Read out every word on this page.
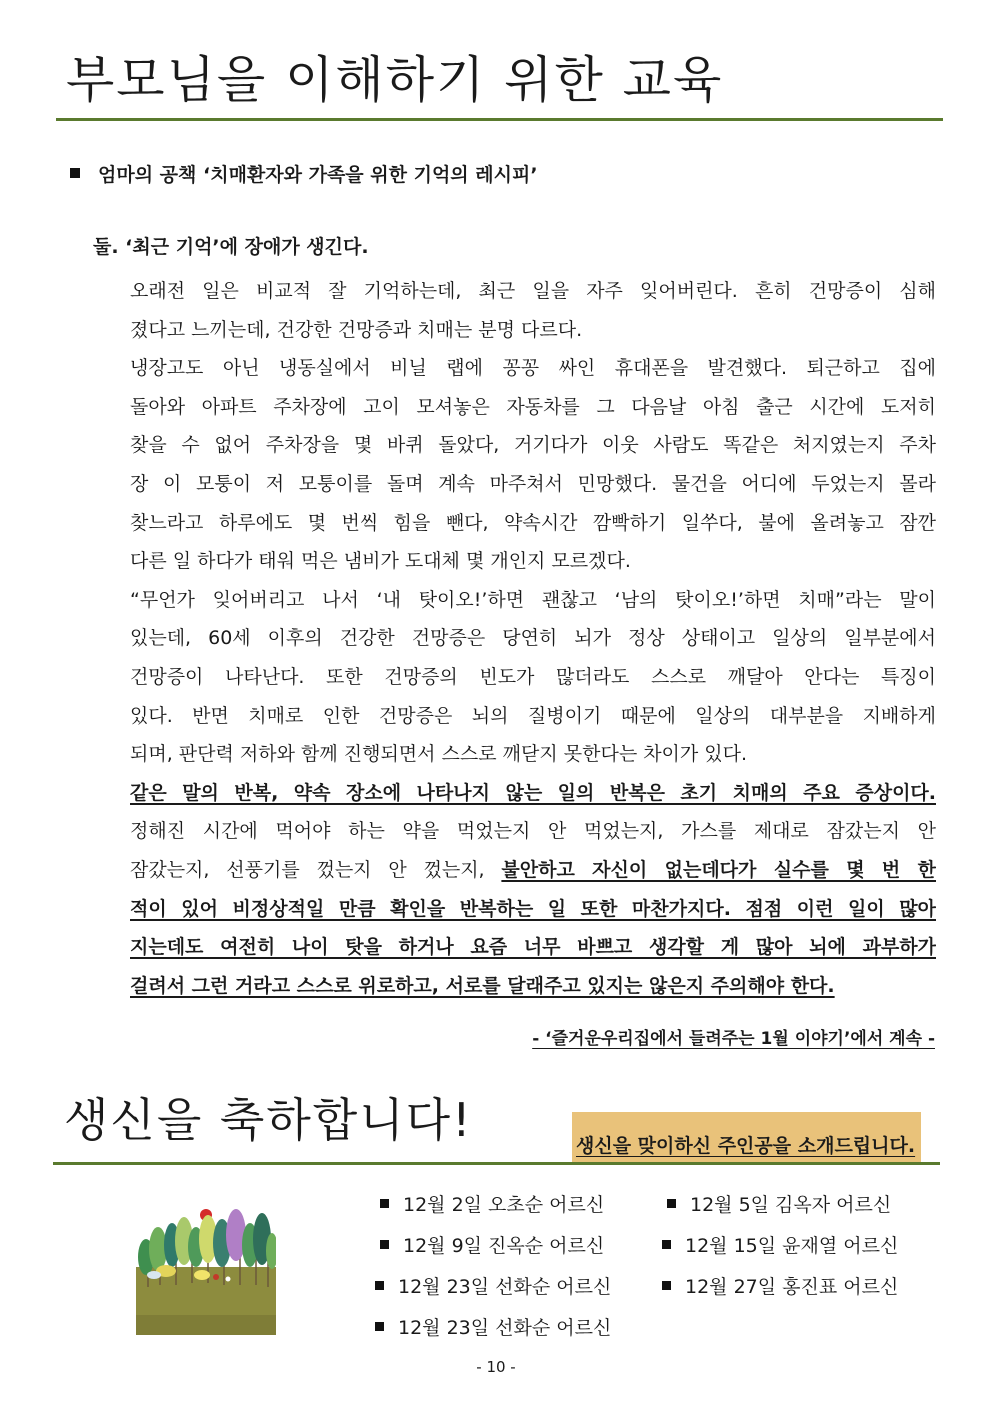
부모님을 이해하기 위한 교육
엄마의 공책 ‘치매환자와 가족을 위한 기억의 레시피’
둘. ‘최근 기억’에 장애가 생긴다.
오래전 일은 비교적 잘 기억하는데, 최근 일을 자주 잊어버린다. 흔히 건망증이 심해
졌다고 느끼는데, 건강한 건망증과 치매는 분명 다르다.
냉장고도 아닌 냉동실에서 비닐 랩에 꽁꽁 싸인 휴대폰을 발견했다. 퇴근하고 집에
돌아와 아파트 주차장에 고이 모셔놓은 자동차를 그 다음날 아침 출근 시간에 도저히
찾을 수 없어 주차장을 몇 바퀴 돌았다, 거기다가 이웃 사람도 똑같은 처지였는지 주차
장 이 모퉁이 저 모퉁이를 돌며 계속 마주쳐서 민망했다. 물건을 어디에 두었는지 몰라
찾느라고 하루에도 몇 번씩 힘을 뺀다, 약속시간 깜빡하기 일쑤다, 불에 올려놓고 잠깐
다른 일 하다가 태워 먹은 냄비가 도대체 몇 개인지 모르겠다.
“무언가 잊어버리고 나서 ‘내 탓이오!’하면 괜찮고 ‘남의 탓이오!’하면 치매”라는 말이
있는데, 60세 이후의 건강한 건망증은 당연히 뇌가 정상 상태이고 일상의 일부분에서
건망증이 나타난다. 또한 건망증의 빈도가 많더라도 스스로 깨달아 안다는 특징이
있다. 반면 치매로 인한 건망증은 뇌의 질병이기 때문에 일상의 대부분을 지배하게
되며, 판단력 저하와 함께 진행되면서 스스로 깨닫지 못한다는 차이가 있다.
같은 말의 반복, 약속 장소에 나타나지 않는 일의 반복은 초기 치매의 주요 증상이다.
정해진 시간에 먹어야 하는 약을 먹었는지 안 먹었는지, 가스를 제대로 잠갔는지 안
잠갔는지, 선풍기를 껐는지 안 껐는지, 불안하고 자신이 없는데다가 실수를 몇 번 한
적이 있어 비정상적일 만큼 확인을 반복하는 일 또한 마찬가지다. 점점 이런 일이 많아
지는데도 여전히 나이 탓을 하거나 요즘 너무 바쁘고 생각할 게 많아 뇌에 과부하가
걸려서 그런 거라고 스스로 위로하고, 서로를 달래주고 있지는 않은지 주의해야 한다.
- ‘즐거운우리집에서 들려주는 1월 이야기’에서 계속 -
생신을 축하합니다!	생신을 맞이하신 주인공을 소개드립니다.
12월 2일 오초순 어르신	12월 5일 김옥자 어르신
12월 9일 진옥순 어르신	12월 15일 윤재열 어르신
12월 23일 선화순 어르신	12월 27일 홍진표 어르신
12월 23일 선화순 어르신
- 10 -
